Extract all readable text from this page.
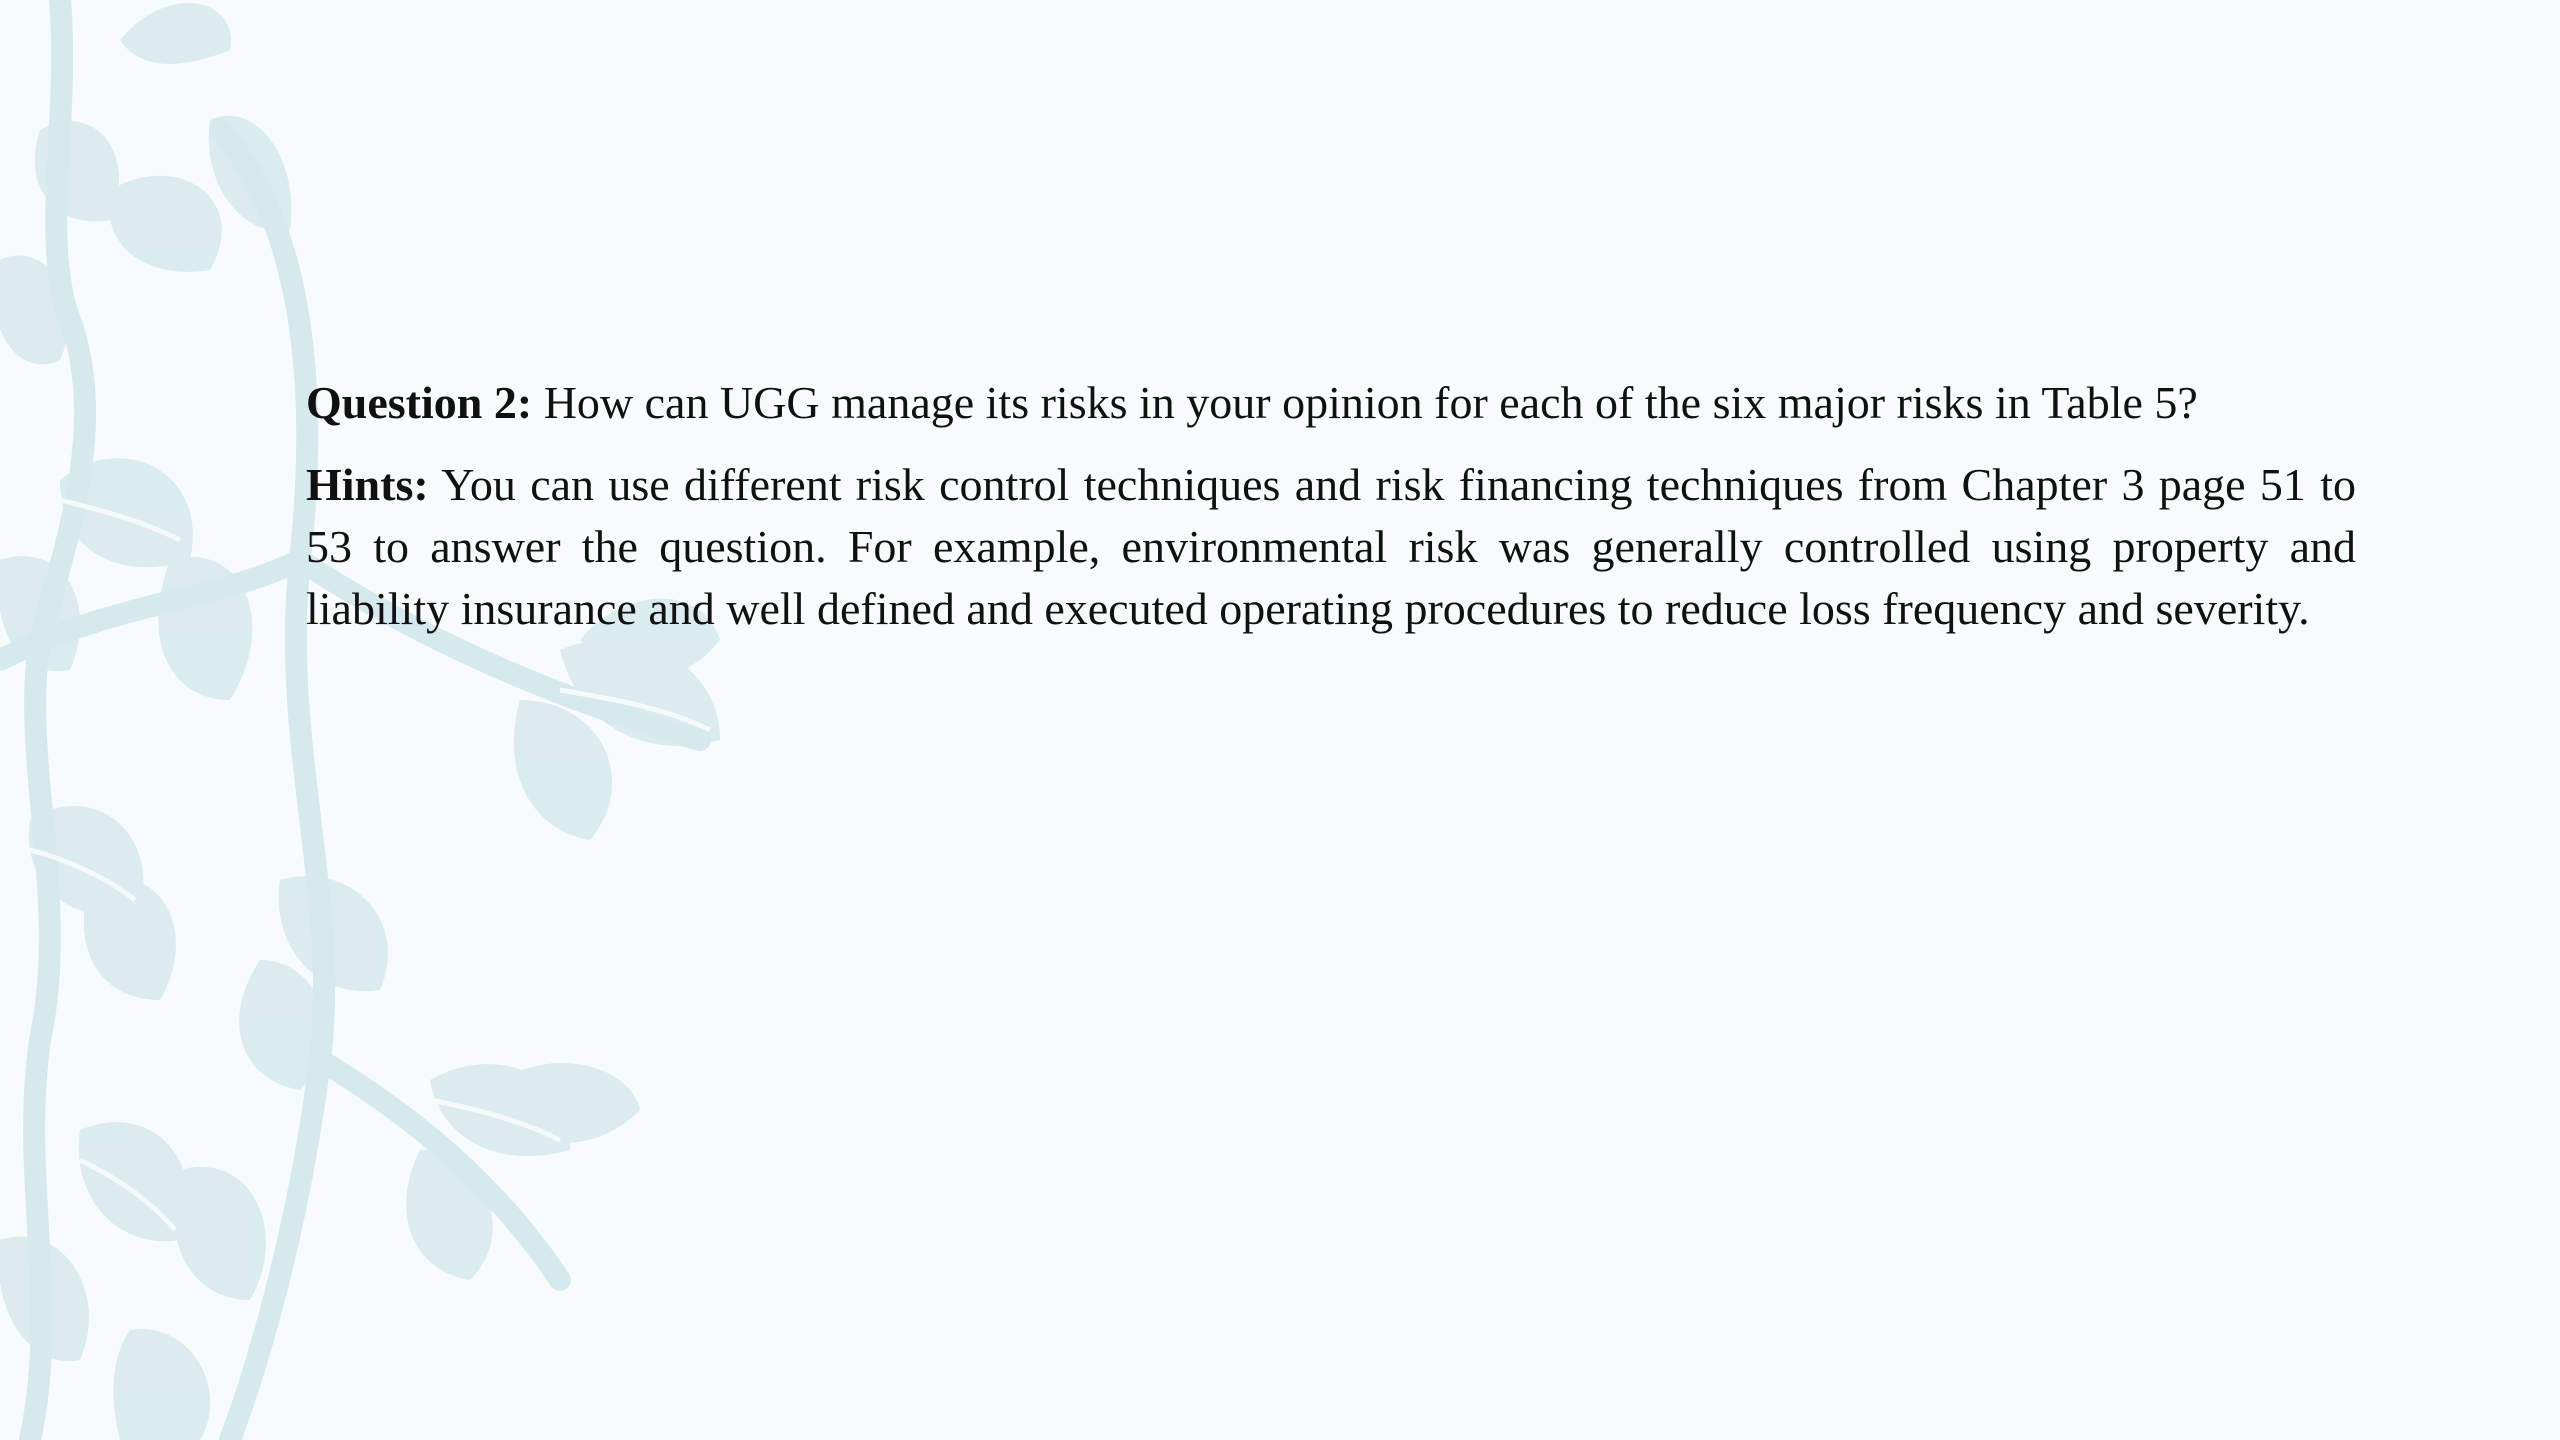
Question 2: How can UGG manage its risks in your opinion for each of the six major risks in Table 5?

Hints: You can use different risk control techniques and risk financing techniques from Chapter 3 page 51 to 53 to answer the question. For example, environmental risk was generally controlled using property and liability insurance and well defined and executed operating procedures to reduce loss frequency and severity.
